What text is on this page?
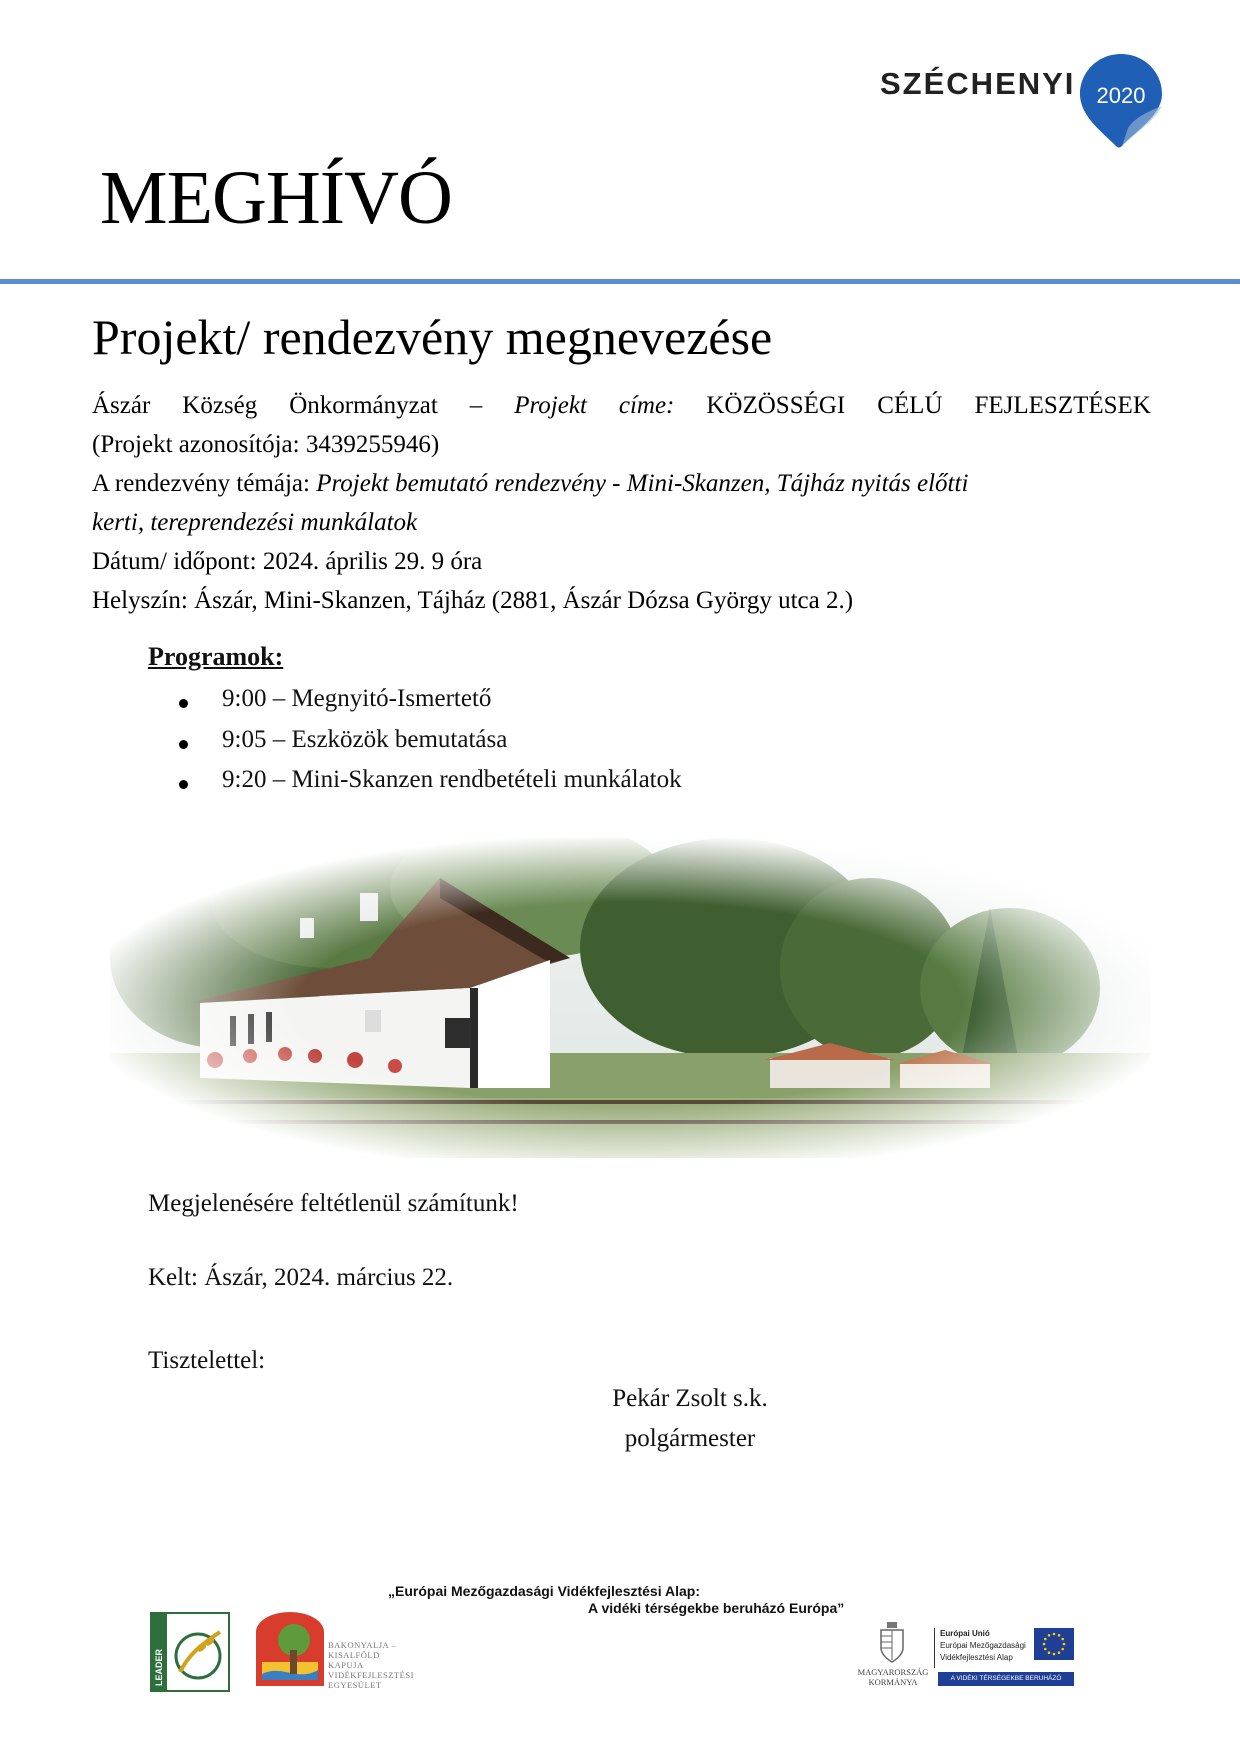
SZÉCHENYI 2020
MEGHÍVÓ
Projekt/ rendezvény megnevezése
Ászár Község Önkormányzat – Projekt címe: KÖZÖSSÉGI CÉLÚ FEJLESZTÉSEK
(Projekt azonosítója: 3439255946)
A rendezvény témája: Projekt bemutató rendezvény - Mini-Skanzen, Tájház nyitás előtti
kerti, tereprendezési munkálatok
Dátum/ időpont: 2024. április 29. 9 óra
Helyszín: Ászár, Mini-Skanzen, Tájház (2881, Ászár Dózsa György utca 2.)
Programok:
9:00 – Megnyitó-Ismertető
9:05 – Eszközök bemutatása
9:20 – Mini-Skanzen rendbetételi munkálatok
Megjelenésére feltétlenül számítunk!
Kelt: Ászár, 2024. március 22.
Tisztelettel:
Pekár Zsolt s.k.
polgármester
„Európai Mezőgazdasági Vidékfejlesztési Alap:
A vidéki térségekbe beruházó Európa”
LEADER
BAKONYALJA –
KISALFÖLD
KAPUJA
VIDÉKFEJLESZTÉSI
EGYESÜLET
MAGYARORSZÁG
KORMÁNYA
Európai Unió
Európai Mezőgazdasági
Vidékfejlesztési Alap
A VIDÉKI TÉRSÉGEKBE BERUHÁZÓ EURÓPA
